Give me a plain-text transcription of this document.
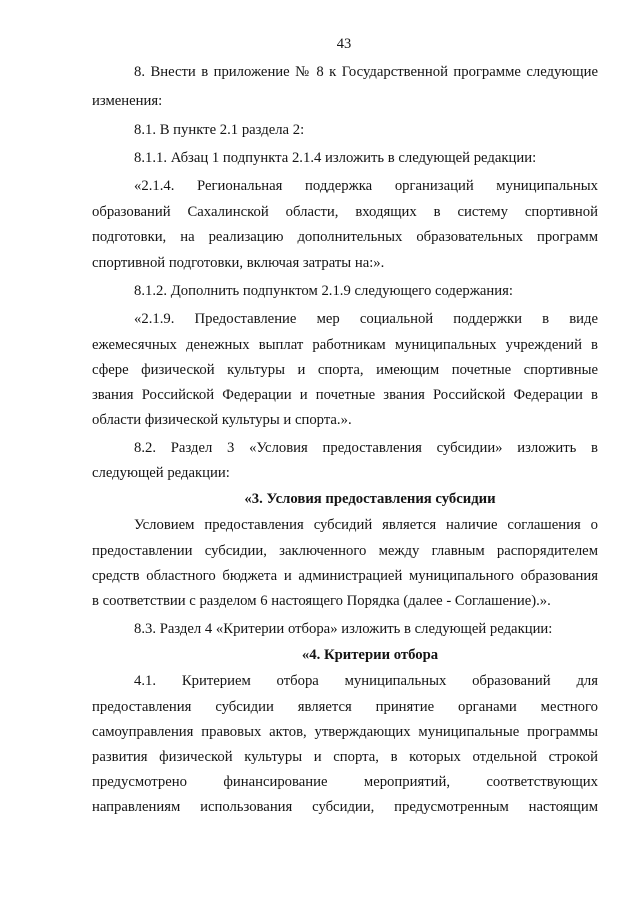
43
8. Внести в приложение № 8 к Государственной программе следующие
изменения:
8.1. В пункте 2.1 раздела 2:
8.1.1. Абзац 1 подпункта 2.1.4 изложить в следующей редакции:
«2.1.4. Региональная поддержка организаций муниципальных
образований Сахалинской области, входящих в систему спортивной
подготовки, на реализацию дополнительных образовательных программ
спортивной подготовки, включая затраты на:».
8.1.2. Дополнить подпунктом 2.1.9 следующего содержания:
«2.1.9. Предоставление мер социальной поддержки в виде
ежемесячных денежных выплат работникам муниципальных учреждений в
сфере физической культуры и спорта, имеющим почетные спортивные
звания Российской Федерации и почетные звания Российской Федерации в
области физической культуры и спорта.».
8.2. Раздел 3 «Условия предоставления субсидии» изложить в
следующей редакции:
«3. Условия предоставления субсидии
Условием предоставления субсидий является наличие соглашения о
предоставлении субсидии, заключенного между главным распорядителем
средств областного бюджета и администрацией муниципального образования
в соответствии с разделом 6 настоящего Порядка (далее - Соглашение).».
8.3. Раздел 4 «Критерии отбора» изложить в следующей редакции:
«4. Критерии отбора
4.1. Критерием отбора муниципальных образований для
предоставления субсидии является принятие органами местного
самоуправления правовых актов, утверждающих муниципальные программы
развития физической культуры и спорта, в которых отдельной строкой
предусмотрено финансирование мероприятий, соответствующих
направлениям использования субсидии, предусмотренным настоящим
